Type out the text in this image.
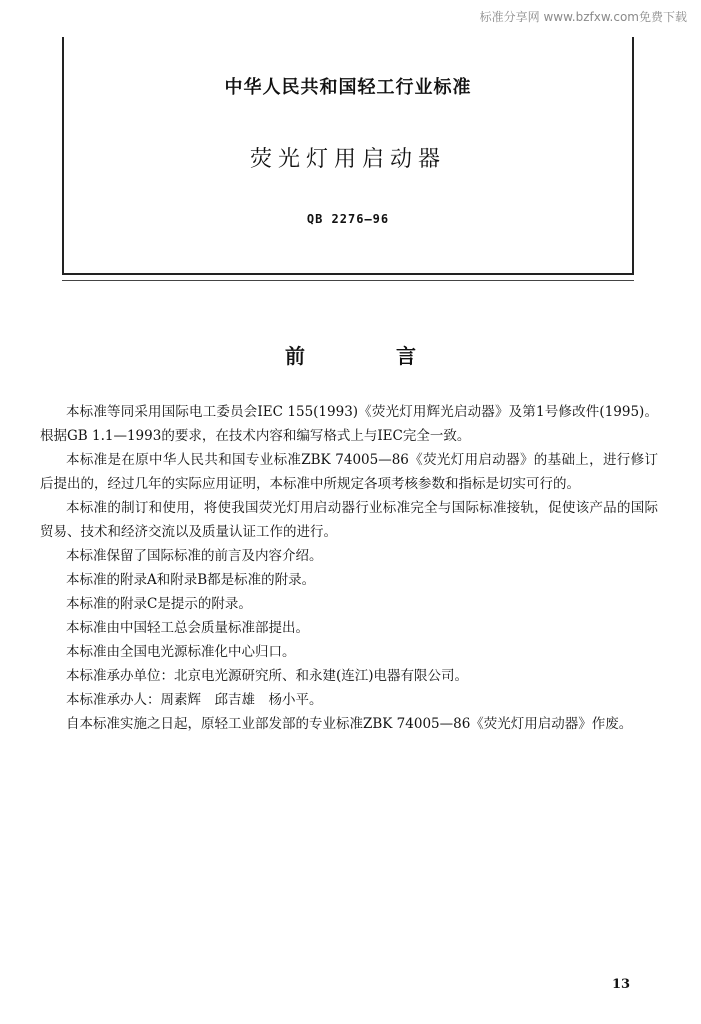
标准分享网 www.bzfxw.com免费下载
中华人民共和国轻工行业标准
荧光灯用启动器
QB 2276—96
前 言

本标准等同采用国际电工委员会IEC 155(1993)《荧光灯用辉光启动器》及第1号修改件(1995)。根据GB 1.1—1993的要求，在技术内容和编写格式上与IEC完全一致。

本标准是在原中华人民共和国专业标准ZBK 74005—86《荧光灯用启动器》的基础上，进行修订后提出的，经过几年的实际应用证明，本标准中所规定各项考核参数和指标是切实可行的。

本标准的制订和使用，将使我国荧光灯用启动器行业标准完全与国际标准接轨，促使该产品的国际贸易、技术和经济交流以及质量认证工作的进行。

本标准保留了国际标准的前言及内容介绍。

本标准的附录A和附录B都是标准的附录。

本标准的附录C是提示的附录。

本标准由中国轻工总会质量标准部提出。

本标准由全国电光源标准化中心归口。

本标准承办单位：北京电光源研究所、和永建(连江)电器有限公司。

本标准承办人：周素辉　邱吉雄　杨小平。

自本标准实施之日起，原轻工业部发部的专业标准ZBK 74005—86《荧光灯用启动器》作废。

13
